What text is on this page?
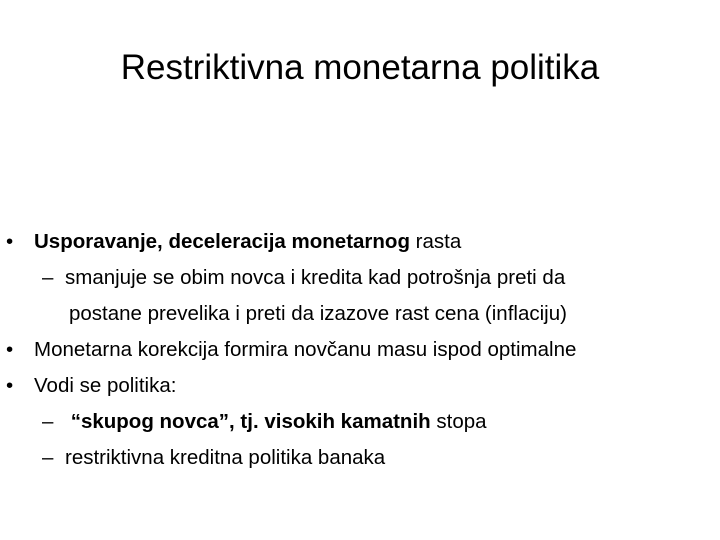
Restriktivna monetarna politika
• Usporavanje, deceleracija monetarnog rasta
– smanjuje se obim novca i kredita kad potrošnja preti da
postane prevelika i preti da izazove rast cena (inflaciju)
• Monetarna korekcija formira novčanu masu ispod optimalne
• Vodi se politika:
– “skupog novca”, tj. visokih kamatnih stopa
– restriktivna kreditna politika banaka
